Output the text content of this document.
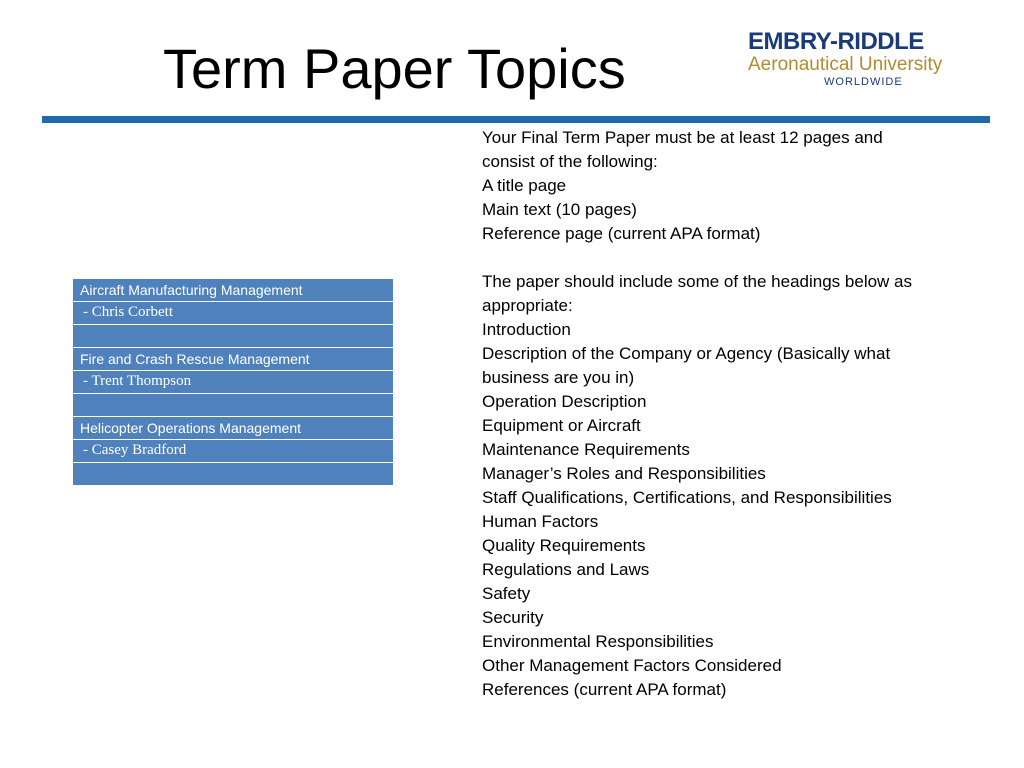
Term Paper Topics	EMBRY-RIDDLE
Aeronautical University
WORLDWIDE
Aircraft Manufacturing Management
- Chris Corbett

Fire and Crash Rescue Management
- Trent Thompson

Helicopter Operations Management
- Casey Bradford

Your Final Term Paper must be at least 12 pages and
consist of the following:
A title page
Main text (10 pages)
Reference page (current APA format)
The paper should include some of the headings below as
appropriate:
Introduction
Description of the Company or Agency (Basically what
business are you in)
Operation Description
Equipment or Aircraft
Maintenance Requirements
Manager’s Roles and Responsibilities
Staff Qualifications, Certifications, and Responsibilities
Human Factors
Quality Requirements
Regulations and Laws
Safety
Security
Environmental Responsibilities
Other Management Factors Considered
References (current APA format)
